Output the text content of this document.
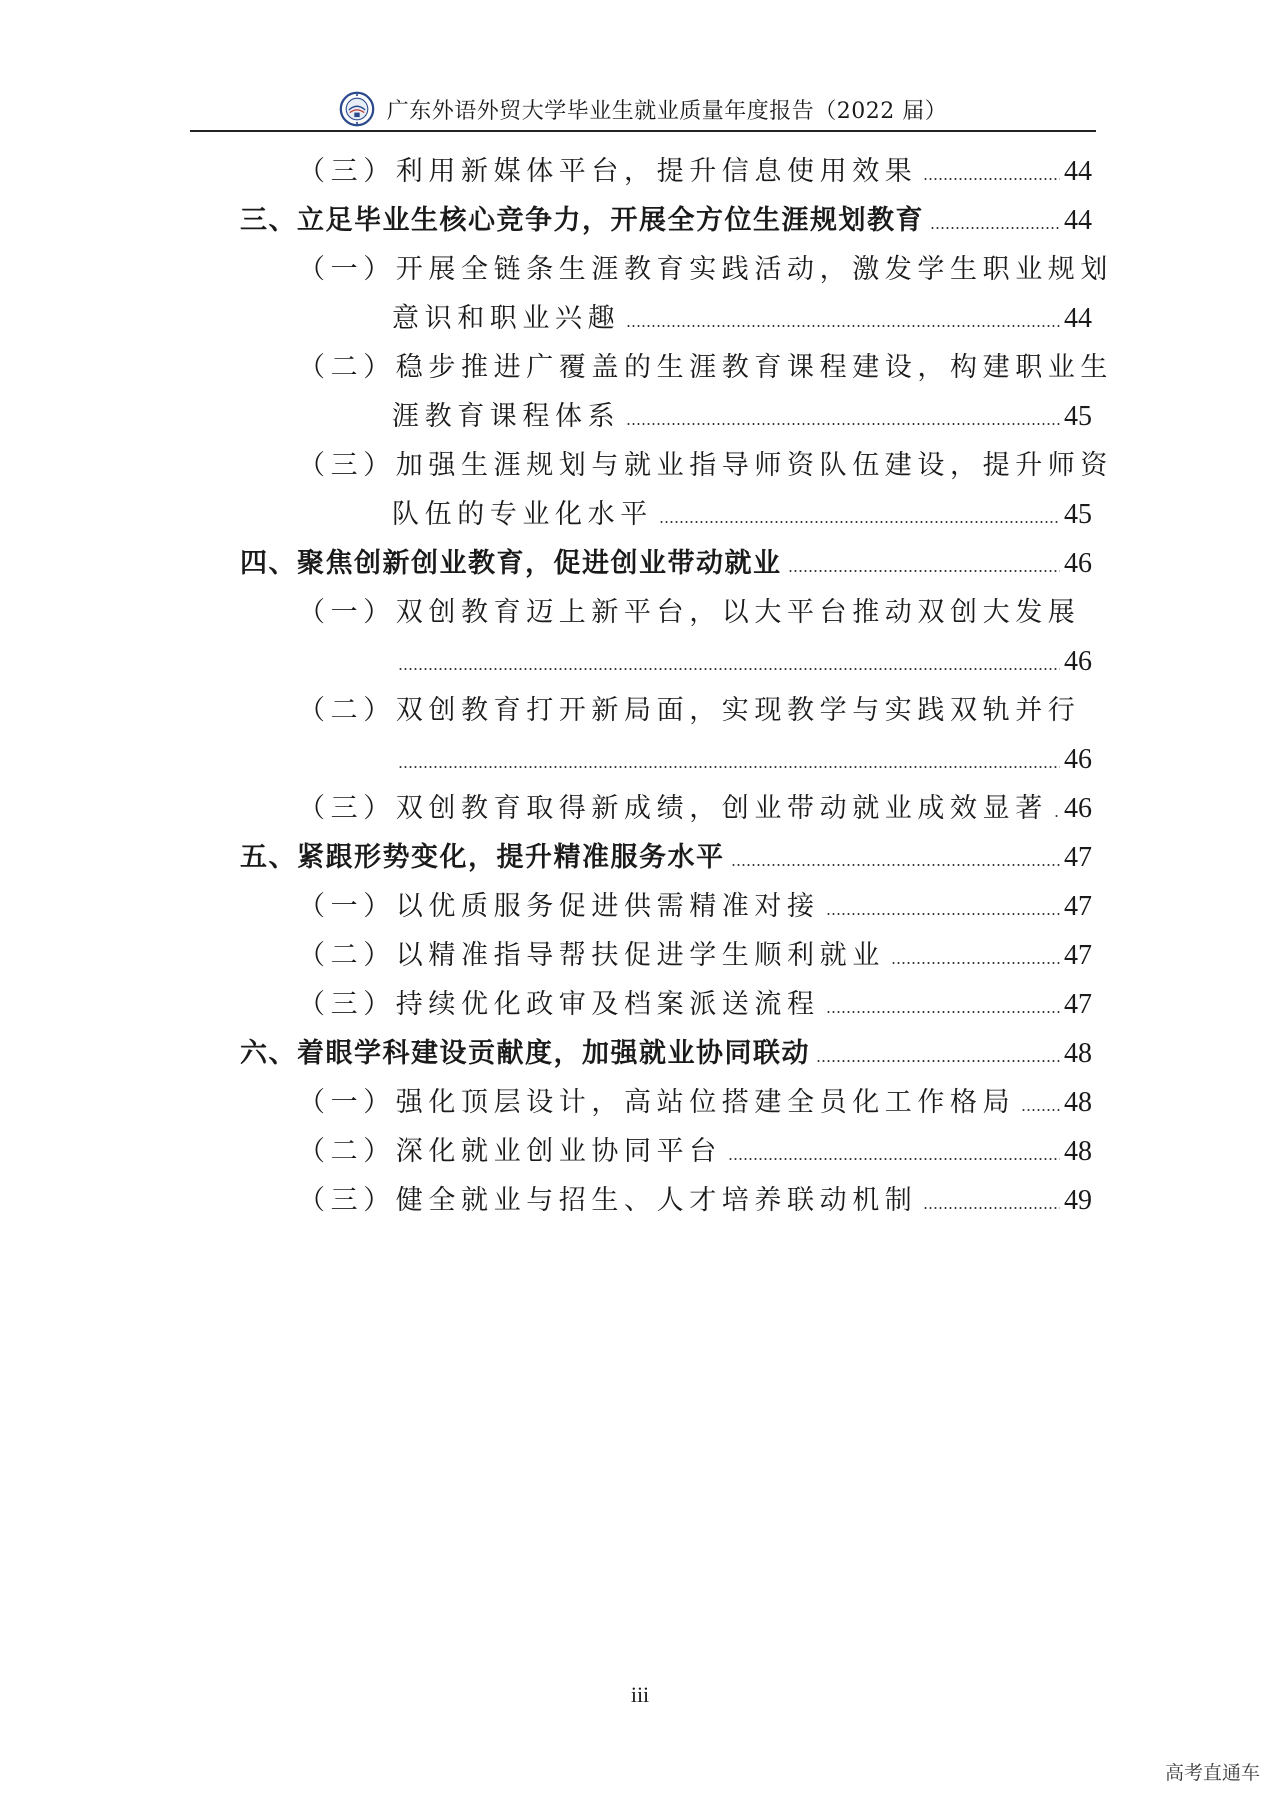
广东外语外贸大学毕业生就业质量年度报告（2022 届）
（三）利用新媒体平台，提升信息使用效果	44
三、立足毕业生核心竞争力，开展全方位生涯规划教育	44
（一）开展全链条生涯教育实践活动，激发学生职业规划
意识和职业兴趣	44
（二）稳步推进广覆盖的生涯教育课程建设，构建职业生
涯教育课程体系	45
（三）加强生涯规划与就业指导师资队伍建设，提升师资
队伍的专业化水平	45
四、聚焦创新创业教育，促进创业带动就业	46
（一）双创教育迈上新平台，以大平台推动双创大发展
46
（二）双创教育打开新局面，实现教学与实践双轨并行
46
（三）双创教育取得新成绩，创业带动就业成效显著 46
五、紧跟形势变化，提升精准服务水平	47
（一）以优质服务促进供需精准对接	47
（二）以精准指导帮扶促进学生顺利就业	47
（三）持续优化政审及档案派送流程	47
六、着眼学科建设贡献度，加强就业协同联动	48
（一）强化顶层设计，高站位搭建全员化工作格局 48
（二）深化就业创业协同平台	48
（三）健全就业与招生、人才培养联动机制	49
iii
高考直通车
